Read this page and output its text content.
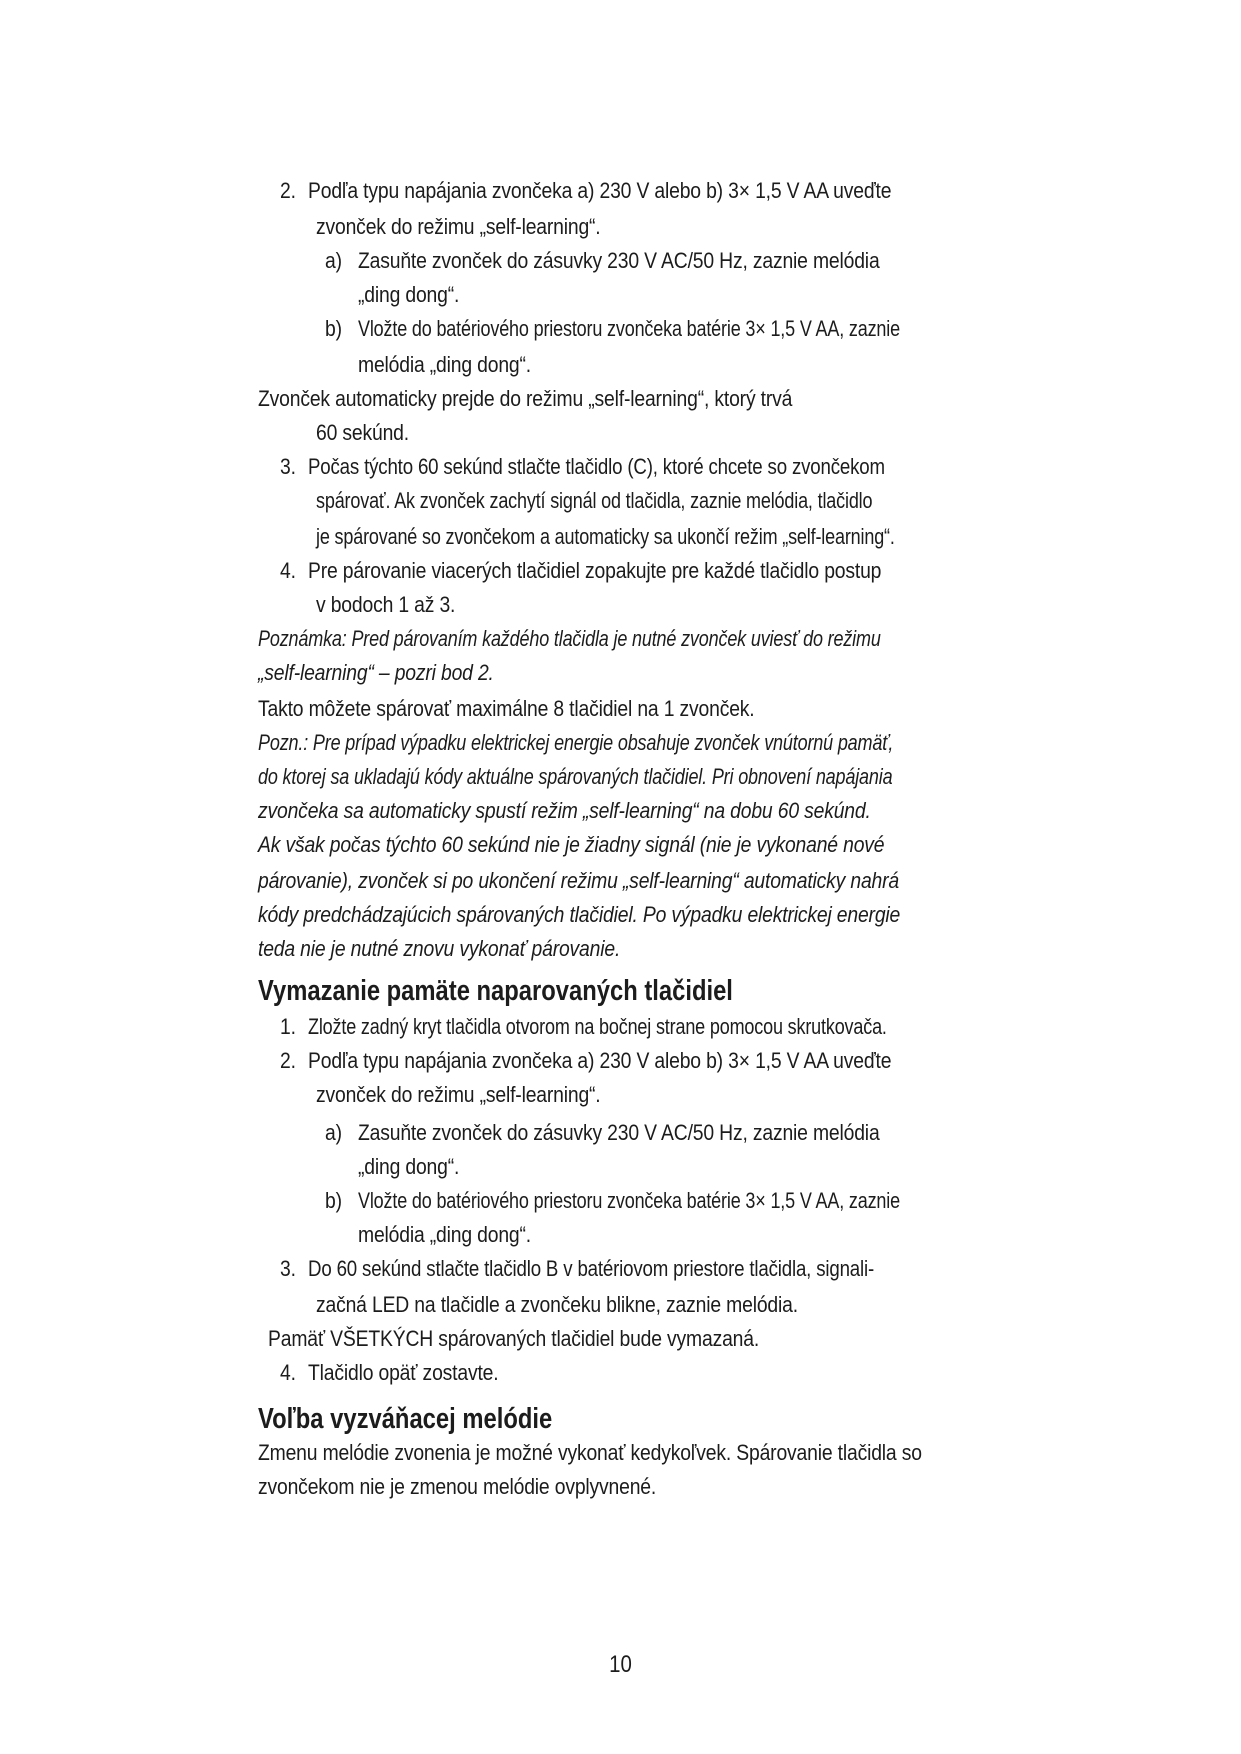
2. Podľa typu napájania zvončeka a) 230 V alebo b) 3× 1,5 V AA uveďte
zvonček do režimu „self-learning“.
a) Zasuňte zvonček do zásuvky 230 V AC/50 Hz, zaznie melódia
„ding dong“.
b) Vložte do batériového priestoru zvončeka batérie 3× 1,5 V AA, zaznie
melódia „ding dong“.
Zvonček automaticky prejde do režimu „self-learning“, ktorý trvá
60 sekúnd.
3. Počas týchto 60 sekúnd stlačte tlačidlo (C), ktoré chcete so zvončekom
spárovať. Ak zvonček zachytí signál od tlačidla, zaznie melódia, tlačidlo
je spárované so zvončekom a automaticky sa ukončí režim „self-learning“.
4. Pre párovanie viacerých tlačidiel zopakujte pre každé tlačidlo postup
v bodoch 1 až 3.
Poznámka: Pred párovaním každého tlačidla je nutné zvonček uviesť do režimu
„self-learning“ – pozri bod 2.
Takto môžete spárovať maximálne 8 tlačidiel na 1 zvonček.
Pozn.: Pre prípad výpadku elektrickej energie obsahuje zvonček vnútornú pamäť,
do ktorej sa ukladajú kódy aktuálne spárovaných tlačidiel. Pri obnovení napájania
zvončeka sa automaticky spustí režim „self-learning“ na dobu 60 sekúnd.
Ak však počas týchto 60 sekúnd nie je žiadny signál (nie je vykonané nové
párovanie), zvonček si po ukončení režimu „self-learning“ automaticky nahrá
kódy predchádzajúcich spárovaných tlačidiel. Po výpadku elektrickej energie
teda nie je nutné znovu vykonať párovanie.
Vymazanie pamäte naparovaných tlačidiel
1. Zložte zadný kryt tlačidla otvorom na bočnej strane pomocou skrutkovača.
2. Podľa typu napájania zvončeka a) 230 V alebo b) 3× 1,5 V AA uveďte
zvonček do režimu „self-learning“.
a) Zasuňte zvonček do zásuvky 230 V AC/50 Hz, zaznie melódia
„ding dong“.
b) Vložte do batériového priestoru zvončeka batérie 3× 1,5 V AA, zaznie
melódia „ding dong“.
3. Do 60 sekúnd stlačte tlačidlo B v batériovom priestore tlačidla, signali-
začná LED na tlačidle a zvončeku blikne, zaznie melódia.
Pamäť VŠETKÝCH spárovaných tlačidiel bude vymazaná.
4. Tlačidlo opäť zostavte.
Voľba vyzváňacej melódie
Zmenu melódie zvonenia je možné vykonať kedykoľvek. Spárovanie tlačidla so
zvončekom nie je zmenou melódie ovplyvnené.
10
